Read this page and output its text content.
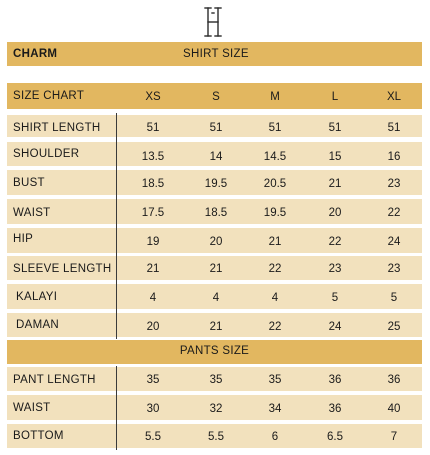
CHARM	SHIRT SIZE
SIZE CHART	XS	S	M	L	XL
SHIRT LENGTH	51	51	51	51	51
SHOULDER	13.5	14	14.5	15	16
BUST	18.5	19.5	20.5	21	23
WAIST	17.5	18.5	19.5	20	22
HIP	19	20	21	22	24
SLEEVE LENGTH	21	21	22	23	23
KALAYI	4	4	4	5	5
DAMAN	20	21	22	24	25
PANTS SIZE
PANT LENGTH	35	35	35	36	36
WAIST	30	32	34	36	40
BOTTOM	5.5	5.5	6	6.5	7
